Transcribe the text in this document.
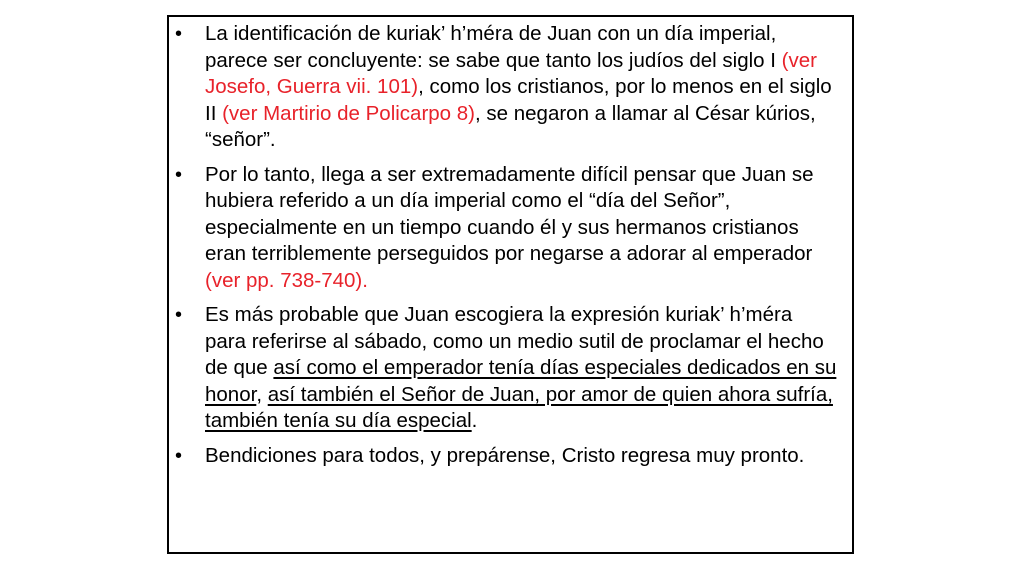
•	La identificación de kuriak’ h’méra de Juan con un día imperial, parece ser concluyente: se sabe que tanto los judíos del siglo I (ver Josefo, Guerra vii. 101), como los cristianos, por lo menos en el siglo II (ver Martirio de Policarpo 8), se negaron a llamar al César kúrios, “señor”.
•	Por lo tanto, llega a ser extremadamente difícil pensar que Juan se hubiera referido a un día imperial como el “día del Señor”, especialmente en un tiempo cuando él y sus hermanos cristianos eran terriblemente perseguidos por negarse a adorar al emperador (ver pp. 738-740).
•	Es más probable que Juan escogiera la expresión kuriak’ h’méra para referirse al sábado, como un medio sutil de proclamar el hecho de que así como el emperador tenía días especiales dedicados en su honor, así también el Señor de Juan, por amor de quien ahora sufría, también tenía su día especial.
•	Bendiciones para todos, y prepárense, Cristo regresa muy pronto.
